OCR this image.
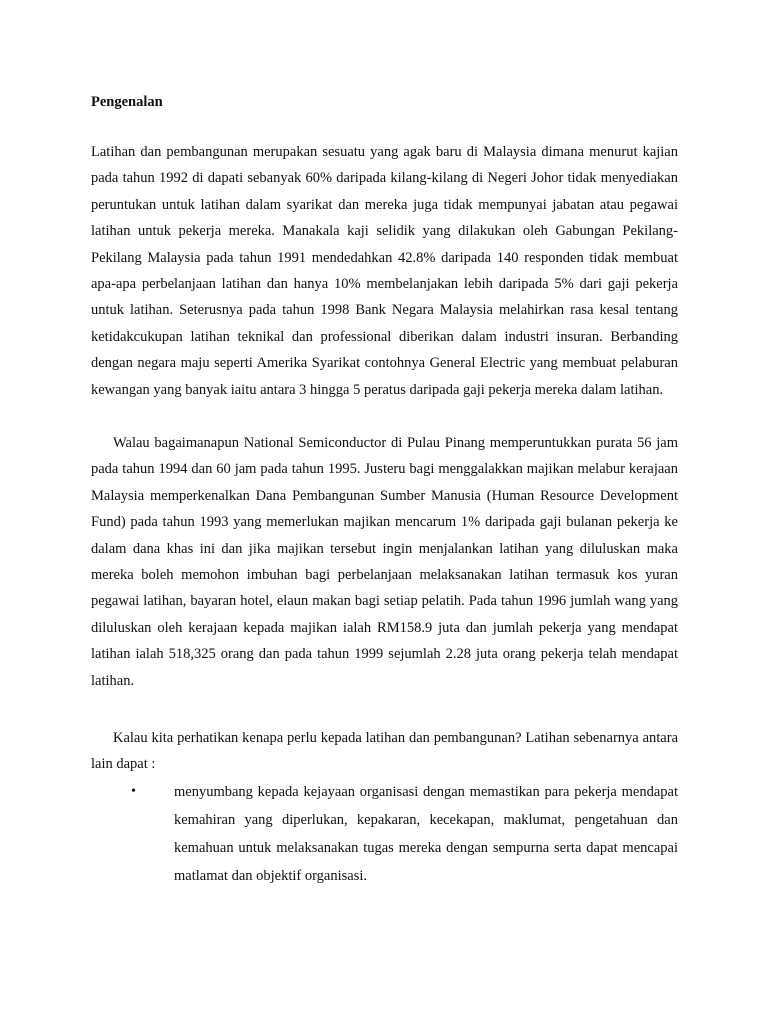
Pengenalan

Latihan dan pembangunan merupakan sesuatu yang agak baru di Malaysia dimana menurut kajian pada tahun 1992 di dapati sebanyak 60% daripada kilang-kilang di Negeri Johor tidak menyediakan peruntukan untuk latihan dalam syarikat dan mereka juga tidak mempunyai jabatan atau pegawai latihan untuk pekerja mereka. Manakala kaji selidik yang dilakukan oleh Gabungan Pekilang-Pekilang Malaysia pada tahun 1991 mendedahkan 42.8% daripada 140 responden tidak membuat apa-apa perbelanjaan latihan dan hanya 10% membelanjakan lebih daripada 5% dari gaji pekerja untuk latihan. Seterusnya pada tahun 1998 Bank Negara Malaysia melahirkan rasa kesal tentang ketidakcukupan latihan teknikal dan professional diberikan dalam industri insuran. Berbanding dengan negara maju seperti Amerika Syarikat contohnya General Electric yang membuat pelaburan kewangan yang banyak iaitu antara 3 hingga 5 peratus daripada gaji pekerja mereka dalam latihan.

Walau bagaimanapun National Semiconductor di Pulau Pinang memperuntukkan purata 56 jam pada tahun 1994 dan 60 jam pada tahun 1995. Justeru bagi menggalakkan majikan melabur kerajaan Malaysia memperkenalkan Dana Pembangunan Sumber Manusia (Human Resource Development Fund) pada tahun 1993 yang memerlukan majikan mencarum 1% daripada gaji bulanan pekerja ke dalam dana khas ini dan jika majikan tersebut ingin menjalankan latihan yang diluluskan maka mereka boleh memohon imbuhan bagi perbelanjaan melaksanakan latihan termasuk kos yuran pegawai latihan, bayaran hotel, elaun makan bagi setiap pelatih. Pada tahun 1996 jumlah wang yang diluluskan oleh kerajaan kepada majikan ialah RM158.9 juta dan jumlah pekerja yang mendapat latihan ialah 518,325 orang dan pada tahun 1999 sejumlah 2.28 juta orang pekerja telah mendapat latihan.

Kalau kita perhatikan kenapa perlu kepada latihan dan pembangunan? Latihan sebenarnya antara lain dapat :

•	menyumbang kepada kejayaan organisasi dengan memastikan para pekerja mendapat kemahiran yang diperlukan, kepakaran, kecekapan, maklumat, pengetahuan dan kemahuan untuk melaksanakan tugas mereka dengan sempurna serta dapat mencapai matlamat dan objektif organisasi.
